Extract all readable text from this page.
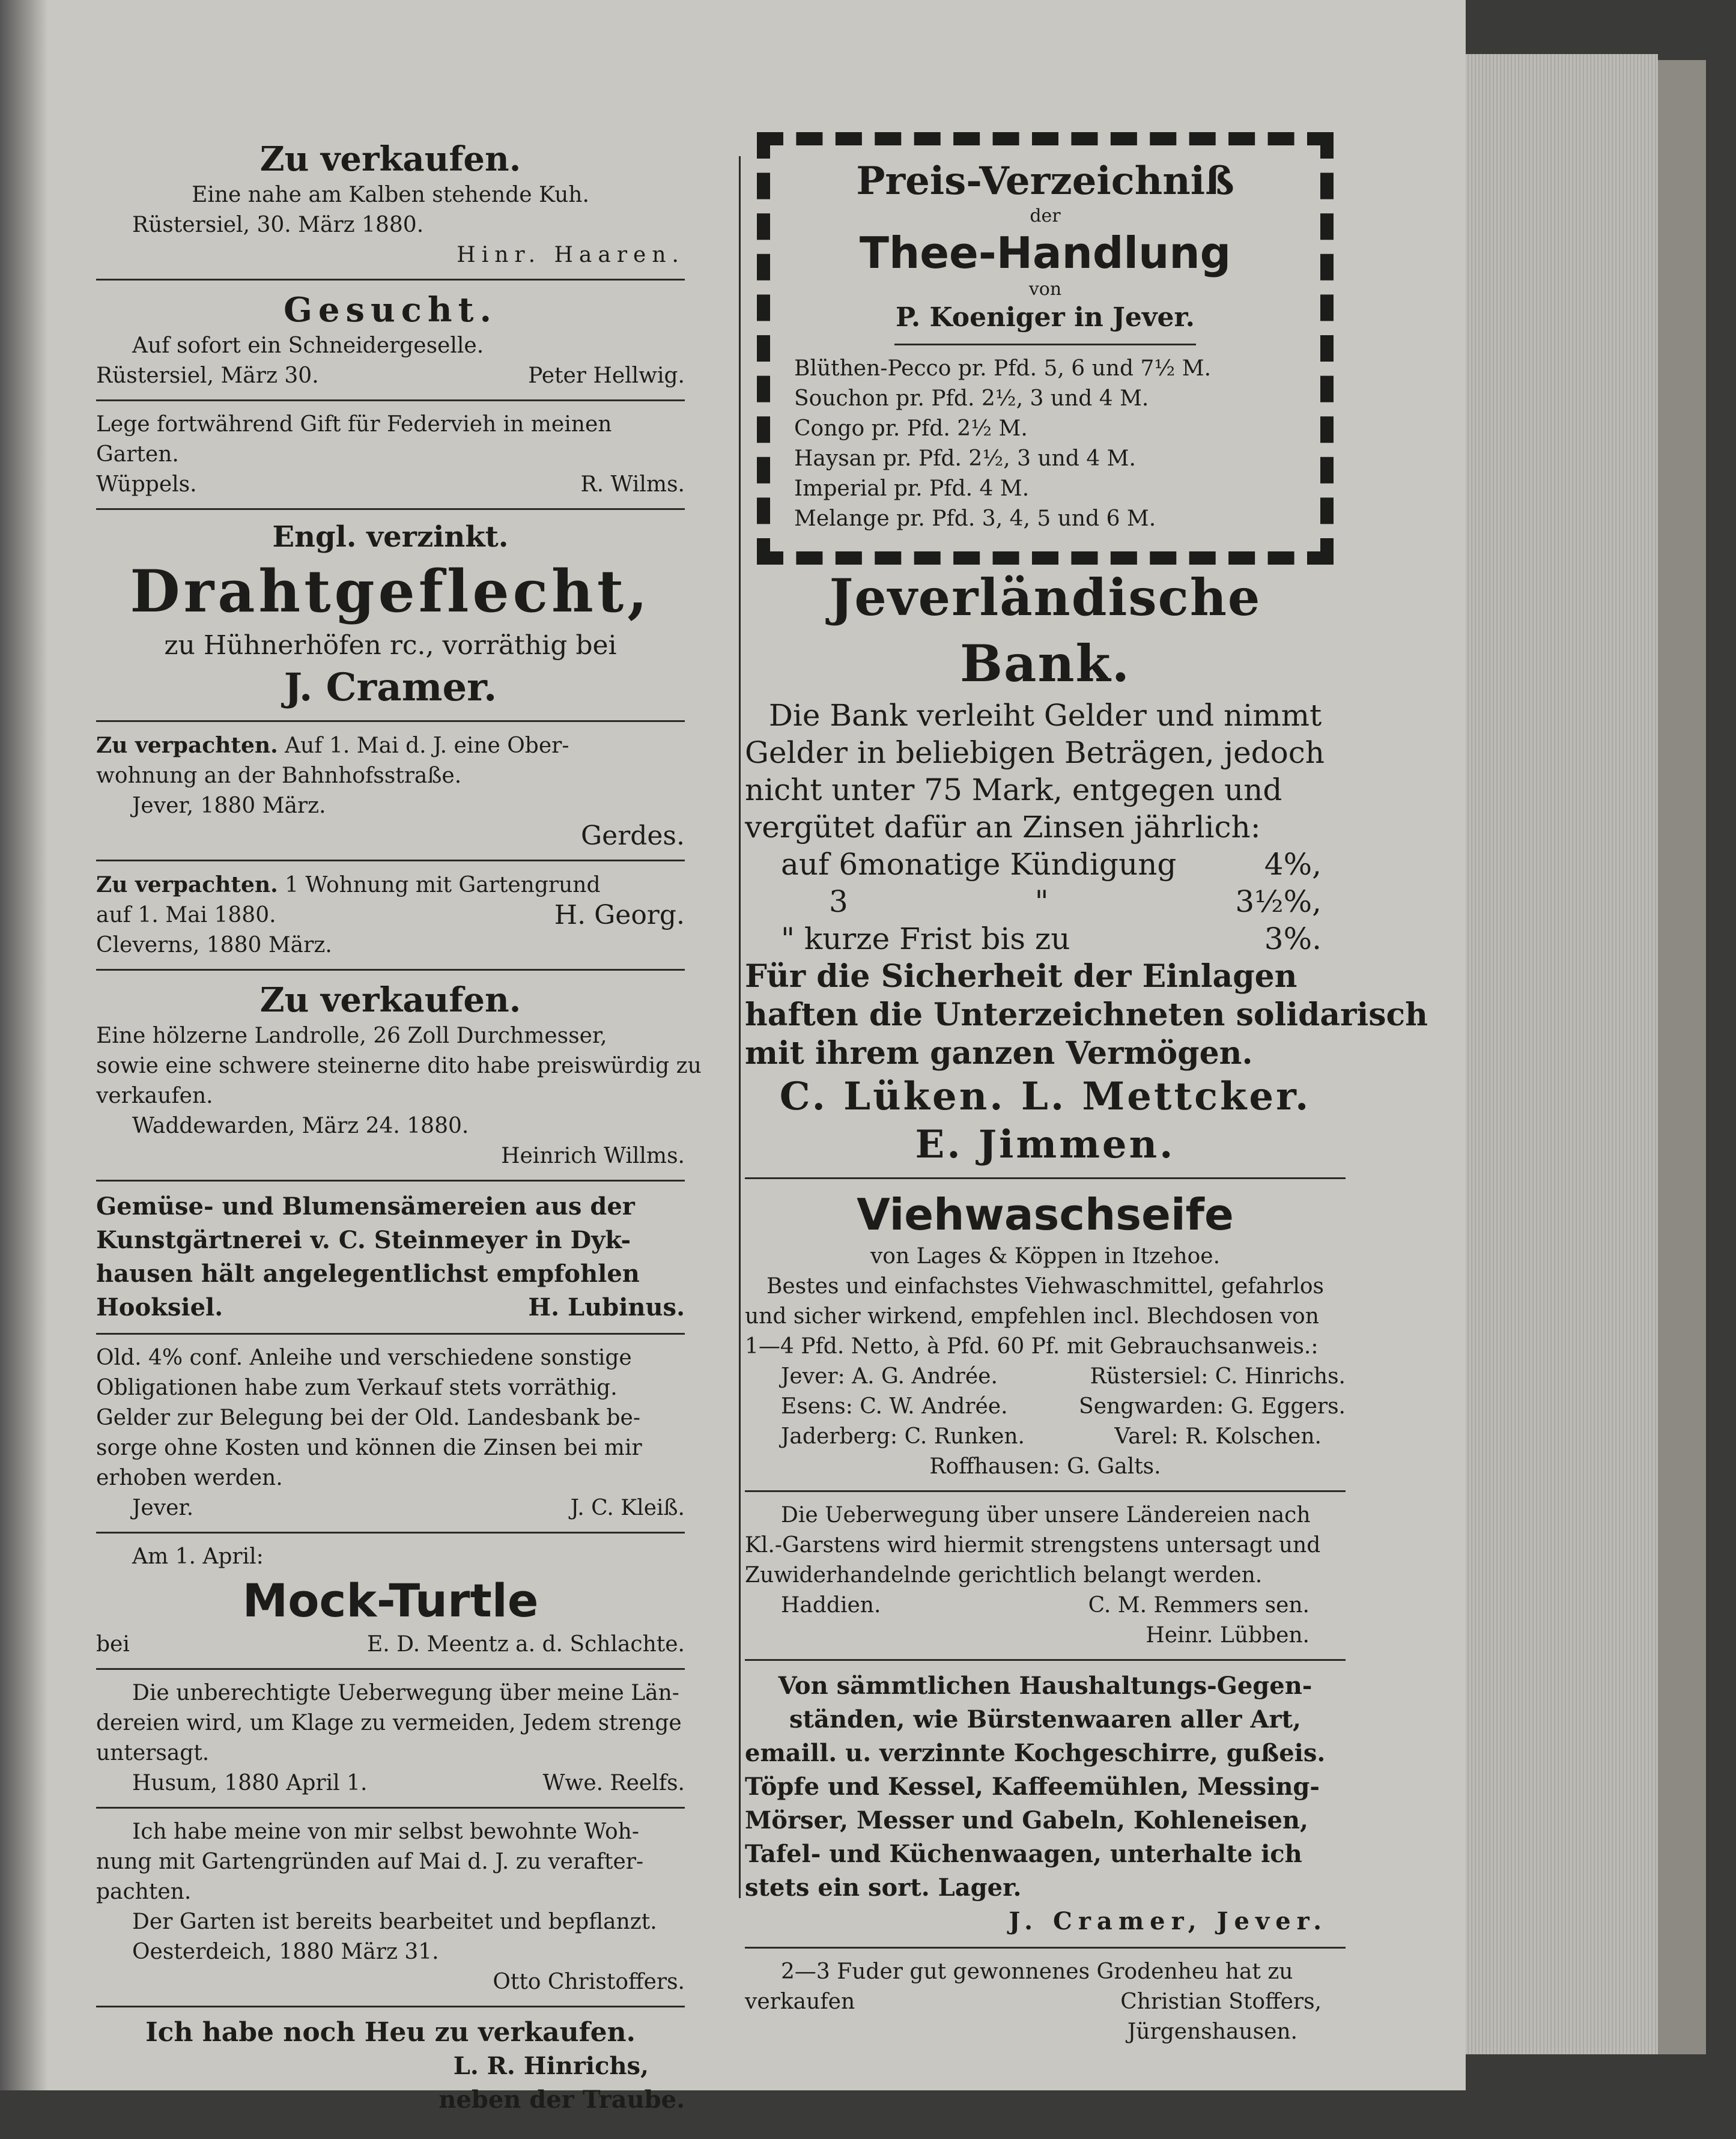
Zu verkaufen.
Eine nahe am Kalben stehende Kuh.
Rüstersiel, 30. März 1880.
Hinr. Haaren.
Gesucht.
Auf sofort ein Schneidergeselle.
Rüstersiel, März 30.	Peter Hellwig.
Lege fortwährend Gift für Federvieh in meinen
Garten.
Wüppels.	R. Wilms.
Engl. verzinkt.
Drahtgeflecht,
zu Hühnerhöfen rc., vorräthig bei
J. Cramer.
Zu verpachten. Auf 1. Mai d. J. eine Ober-
wohnung an der Bahnhofsstraße.
Jever, 1880 März.
Gerdes.
Zu verpachten. 1 Wohnung mit Gartengrund
auf 1. Mai 1880.	H. Georg.
Cleverns, 1880 März.
Zu verkaufen.
Eine hölzerne Landrolle, 26 Zoll Durchmesser,
sowie eine schwere steinerne dito habe preiswürdig zu
verkaufen.
Waddewarden, März 24. 1880.
Heinrich Willms.
Gemüse- und Blumensämereien aus der
Kunstgärtnerei v. C. Steinmeyer in Dyk-
hausen hält angelegentlichst empfohlen
Hooksiel.	H. Lubinus.
Old. 4% conf. Anleihe und verschiedene sonstige
Obligationen habe zum Verkauf stets vorräthig.
Gelder zur Belegung bei der Old. Landesbank be-
sorge ohne Kosten und können die Zinsen bei mir
erhoben werden.
Jever.	J. C. Kleiß.
Am 1. April:
Mock-Turtle
bei	E. D. Meentz a. d. Schlachte.
Die unberechtigte Ueberwegung über meine Län-
dereien wird, um Klage zu vermeiden, Jedem strenge
untersagt.
Husum, 1880 April 1.	Wwe. Reelfs.
Ich habe meine von mir selbst bewohnte Woh-
nung mit Gartengründen auf Mai d. J. zu verafter-
pachten.
Der Garten ist bereits bearbeitet und bepflanzt.
Oesterdeich, 1880 März 31.
Otto Christoffers.
Ich habe noch Heu zu verkaufen.
L. R. Hinrichs,
neben der Traube.
Preis-Verzeichniß
der
Thee-Handlung
von
P. Koeniger in Jever.
Blüthen-Pecco pr. Pfd. 5, 6 und 7½ M.
Souchon pr. Pfd. 2½, 3 und 4 M.
Congo pr. Pfd. 2½ M.
Haysan pr. Pfd. 2½, 3 und 4 M.
Imperial pr. Pfd. 4 M.
Melange pr. Pfd. 3, 4, 5 und 6 M.
Jeverländische Bank.
Die Bank verleiht Gelder und nimmt
Gelder in beliebigen Beträgen, jedoch
nicht unter 75 Mark, entgegen und
vergütet dafür an Zinsen jährlich:
auf 6monatige Kündigung	4%,
3	"	3½%,
" kurze Frist bis zu	3%.
Für die Sicherheit der Einlagen
haften die Unterzeichneten solidarisch
mit ihrem ganzen Vermögen.
C. Lüken. L. Mettcker.
E. Jimmen.
Viehwaschseife
von Lages & Köppen in Itzehoe.
Bestes und einfachstes Viehwaschmittel, gefahrlos
und sicher wirkend, empfehlen incl. Blechdosen von
1—4 Pfd. Netto, à Pfd. 60 Pf. mit Gebrauchsanweis.:
Jever: A. G. Andrée.	Rüstersiel: C. Hinrichs.
Esens: C. W. Andrée.	Sengwarden: G. Eggers.
Jaderberg: C. Runken.	Varel: R. Kolschen.
Roffhausen: G. Galts.
Die Ueberwegung über unsere Ländereien nach
Kl.-Garstens wird hiermit strengstens untersagt und
Zuwiderhandelnde gerichtlich belangt werden.
Haddien.	C. M. Remmers sen.
Heinr. Lübben.
Von sämmtlichen Haushaltungs-Gegen-
ständen, wie Bürstenwaaren aller Art,
emaill. u. verzinnte Kochgeschirre, gußeis.
Töpfe und Kessel, Kaffeemühlen, Messing-
Mörser, Messer und Gabeln, Kohleneisen,
Tafel- und Küchenwaagen, unterhalte ich
stets ein sort. Lager.
J. Cramer, Jever.
2—3 Fuder gut gewonnenes Grodenheu hat zu
verkaufen	Christian Stoffers,
Jürgenshausen.
